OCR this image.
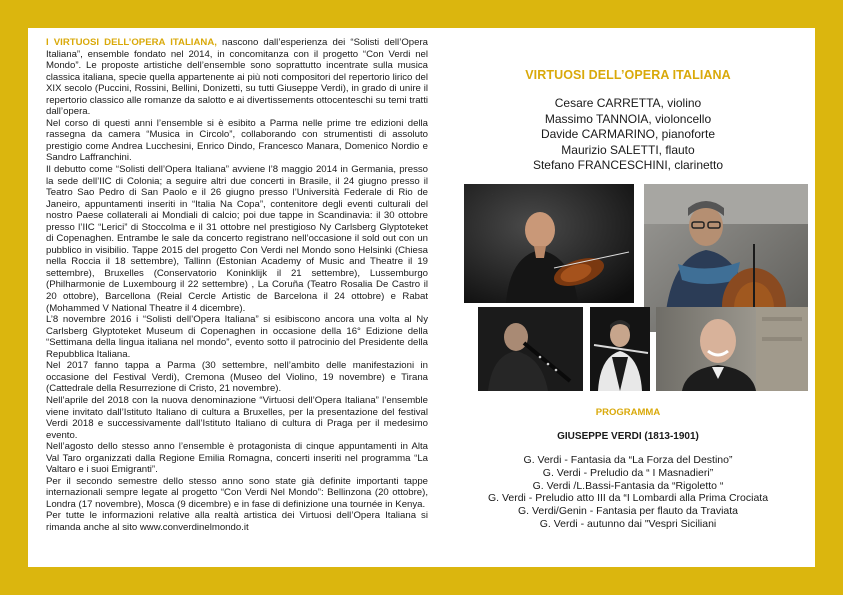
I VIRTUOSI DELL’OPERA ITALIANA, nascono dall’esperienza dei “Solisti dell’Opera Italiana”, ensemble fondato nel 2014, in concomitanza con il progetto “Con Verdi nel Mondo”. Le proposte artistiche dell’ensemble sono soprattutto incentrate sulla musica classica italiana, specie quella appartenente ai più noti compositori del repertorio lirico del XIX secolo (Puccini, Rossini, Bellini, Donizetti, su tutti Giuseppe Verdi), in grado di unire il repertorio classico alle romanze da salotto e ai divertissements ottocenteschi su temi tratti dall’opera.

Nel corso di questi anni l’ensemble si è esibito a Parma nelle prime tre edizioni della rassegna da camera “Musica in Circolo”, collaborando con strumentisti di assoluto prestigio come Andrea Lucchesini, Enrico Dindo, Francesco Manara, Domenico Nordio e Sandro Laffranchini.

Il debutto come “Solisti dell’Opera Italiana” avviene l’8 maggio 2014 in Germania, presso la sede dell’IIC di Colonia; a seguire altri due concerti in Brasile, il 24 giugno presso il Teatro Sao Pedro di San Paolo e il 26 giugno presso l’Università Federale di Rio de Janeiro, appuntamenti inseriti in “Italia Na Copa”, contenitore degli eventi culturali del nostro Paese collaterali ai Mondiali di calcio; poi due tappe in Scandinavia: il 30 ottobre presso l’IIC “Lerici” di Stoccolma e il 31 ottobre nel prestigioso Ny Carlsberg Glyptoteket di Copenaghen. Entrambe le sale da concerto registrano nell’occasione il sold out con un pubblico in visibilio. Tappe 2015 del progetto Con Verdi nel Mondo sono Helsinki (Chiesa nella Roccia il 18 settembre), Tallinn (Estonian Academy of Music and Theatre il 19 settembre), Bruxelles (Conservatorio Koninklijk il 21 settembre), Lussemburgo (Philharmonie de Luxembourg il 22 settembre) , La Coruña (Teatro Rosalia De Castro il 20 ottobre), Barcellona (Reial Cercle Artistic de Barcelona il 24 ottobre) e Rabat (Mohammed V National Theatre il 4 dicembre).

L’8 novembre 2016 i “Solisti dell’Opera Italiana” si esibiscono ancora una volta al Ny Carlsberg Glyptoteket Museum di Copenaghen in occasione della 16° Edizione della “Settimana della lingua italiana nel mondo”, evento sotto il patrocinio del Presidente della Repubblica Italiana.

Nel 2017 fanno tappa a Parma (30 settembre, nell’ambito delle manifestazioni in occasione del Festival Verdi), Cremona (Museo del Violino, 19 novembre) e Tirana (Cattedrale della Resurrezione di Cristo, 21 novembre).

Nell’aprile del 2018 con la nuova denominazione “Virtuosi dell’Opera Italiana” l’ensemble viene invitato dall’Istituto Italiano di cultura a Bruxelles, per la presentazione del festival Verdi 2018 e successivamente dall’Istituto Italiano di cultura di Praga per il medesimo evento.

Nell’agosto dello stesso anno l’ensemble è protagonista di cinque appuntamenti in Alta Val Taro organizzati dalla Regione Emilia Romagna, concerti inseriti nel programma “La Valtaro e i suoi Emigranti”.

Per il secondo semestre dello stesso anno sono state già definite importanti tappe internazionali sempre legate al progetto “Con Verdi Nel Mondo”: Bellinzona (20 ottobre), Londra (17 novembre), Mosca (9 dicembre) e in fase di definizione una tournée in Kenya.

Per tutte le informazioni relative alla realtà artistica dei Virtuosi dell’Opera Italiana si rimanda anche al sito www.converdinelmondo.it

VIRTUOSI DELL’OPERA ITALIANA
Cesare CARRETTA, violino
Massimo TANNOIA, violoncello
Davide CARMARINO, pianoforte
Maurizio SALETTI, flauto
Stefano FRANCESCHINI, clarinetto
PROGRAMMA
GIUSEPPE VERDI (1813-1901)
G. Verdi - Fantasia da “La Forza del Destino”
G. Verdi - Preludio da “ I Masnadieri”
G. Verdi /L.Bassi-Fantasia da “Rigoletto “
G. Verdi - Preludio atto III da “I Lombardi alla Prima Crociata
G. Verdi/Genin - Fantasia per flauto da Traviata
G. Verdi - autunno dai "Vespri Siciliani
